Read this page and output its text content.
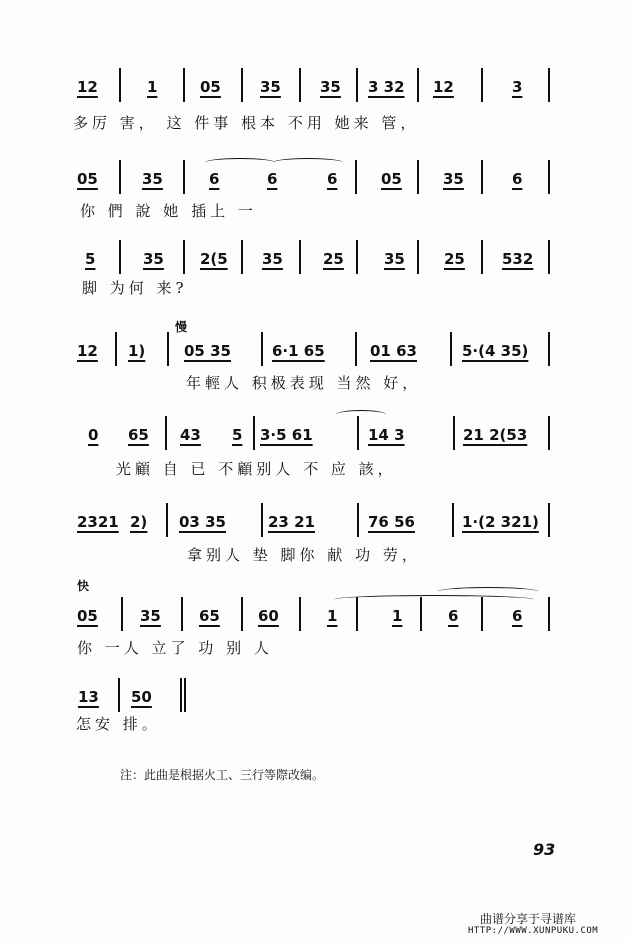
12	1	05	35	35 3 32 12	3
多厉 害， 这 件事 根本 不用 她来 管，
05	35	6	6	6	05	35	6
你 們 說 她 插上 一
5	35 2(5 35	25	35	25 532
脚 为何 来?
12 1)	05 35	6·1 65	01 63	5·(4 35)
年輕人 积极表现 当然 好，
0 65 43 5 3·5 61	14 3	21 2(53
光顧 自 已 不顧别人 不 应 該，
2321 2) 03 35	23 21	76 56	1·(2 321)
拿别人 垫 脚你 献 功 劳，
05	35	65	60	1	1	6	6
你 一人 立了 功 别 人
13 50
怎安 排。
慢
快
注：此曲是根据火工、三行等際改编。
93
曲谱分享于寻谱库
HTTP://WWW.XUNPUKU.COM
